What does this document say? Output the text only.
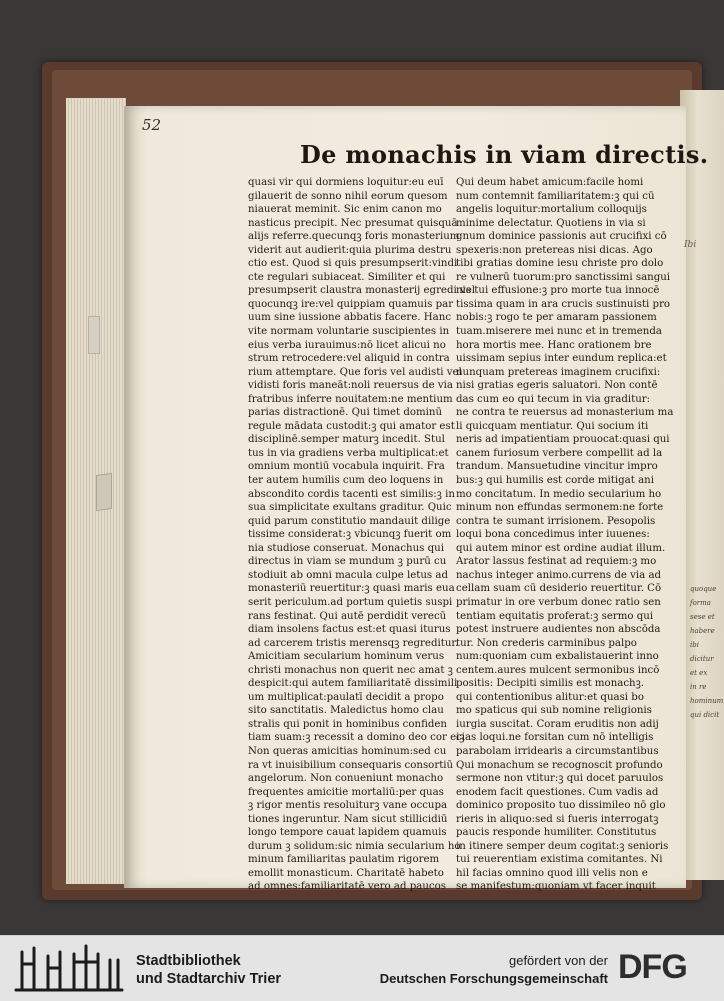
52
De monachis in viam directis.
quasi vir qui dormiens loquitur:eu euī
gilauerit de sonno nihil eorum quesom
niauerat meminit. Sic enim canon mo
nasticus precipit. Nec presumat quisquā
alijs referre.quecunqꝫ foris monasterium
viderit aut audierit:quia plurima destru
ctio est. Quod si quis presumpserit:vindi
cte regulari subiaceat. Similiter et qui
presumpserit claustra monasterij egredi vel
quocunqꝫ ire:vel quippiam quamuis par
uum sine iussione abbatis facere. Hanc
vite normam voluntarie suscipientes in
eius verba iurauimus:nō licet alicui no
strum retrocedere:vel aliquid in contra
rium attemptare. Que foris vel audisti vel
vidisti foris maneāt:noli reuersus de via
fratribus inferre nouitatem:ne mentium
parias distractionē. Qui timet dominū
regule mādata custodit:ꝫ qui amator est
disciplinē.semper maturꝫ incedit. Stul
tus in via gradiens verba multiplicat:et
omnium montiū vocabula inquirit. Fra
ter autem humilis cum deo loquens in
abscondito cordis tacenti est similis:ꝫ in
sua simplicitate exultans graditur. Quic
quid parum constitutio mandauit dilige
tissime considerat:ꝫ vbicunqꝫ fuerit om
nia studiose conseruat. Monachus qui
directus in viam se mundum ꝫ purū cu
stodiuit ab omni macula culpe letus ad
monasteriū reuertitur:ꝫ quasi maris eua
serit periculum.ad portum quietis suspi
rans festinat. Qui autē perdidit verecū
diam insolens factus est:et quasi iturus
ad carcerem tristis merensqꝫ regreditur.
Amicitiam secularium hominum verus
christi monachus non querit nec amat ꝫ
despicit:qui autem familiaritatē dissimili
um multiplicat:paulatī decidit a propo
sito sanctitatis. Maledictus homo clau
stralis qui ponit in hominibus confiden
tiam suam:ꝫ recessit a domino deo cor eiꝫ
Non queras amicitias hominum:sed cu
ra vt inuisibilium consequaris consortiū
angelorum. Non conueniunt monacho
frequentes amicitie mortaliū:per quas
ꝫ rigor mentis resoluiturꝫ vane occupa
tiones ingeruntur. Nam sicut stillicidiū
longo tempore cauat lapidem quamuis
durum ꝫ solidum:sic nimia secularium ho
minum familiaritas paulatim rigorem
emollit monasticum. Charitatē habeto
ad omnes:familiaritatē vero ad paucos
Qui deum habet amicum:facile homi
num contemnit familiaritatem:ꝫ qui cū
angelis loquitur:mortalium colloquijs
minime delectatur. Quotiens in via si
gnum dominice passionis aut crucifixi cō
spexeris:non pretereas nisi dicas. Ago
tibi gratias domine iesu christe pro dolo
re vulnerū tuorum:pro sanctissimi sangui
nis tui effusione:ꝫ pro morte tua innocē
tissima quam in ara crucis sustinuisti pro
nobis:ꝫ rogo te per amaram passionem
tuam.miserere mei nunc et in tremenda
hora mortis mee. Hanc orationem bre
uissimam sepius inter eundum replica:et
nunquam pretereas imaginem crucifixi:
nisi gratias egeris saluatori. Non contē
das cum eo qui tecum in via graditur:
ne contra te reuersus ad monasterium ma
li quicquam mentiatur. Qui socium iti
neris ad impatientiam prouocat:quasi qui
canem furiosum verbere compellit ad la
trandum. Mansuetudine vincitur impro
bus:ꝫ qui humilis est corde mitigat ani
mo concitatum. In medio secularium ho
minum non effundas sermonem:ne forte
contra te sumant irrisionem. Pesopolis
loqui bona concedimus inter iuuenes:
qui autem minor est ordine audiat illum.
Arator lassus festinat ad requiem:ꝫ mo
nachus integer animo.currens de via ad
cellam suam cū desiderio reuertitur. Cō
primatur in ore verbum donec ratio sen
tentiam equitatis proferat:ꝫ sermo qui
potest instruere audientes non abscōda
tur. Non crederis carminibus palpo
num:quoniam cum exbalistauerint inno
centem.aures mulcent sermonibus incō
positis: Decipiti similis est monachꝫ.
qui contentionibus alitur:et quasi bo
mo spaticus qui sub nomine religionis
iurgia suscitat. Coram eruditis non adij
cias loqui.ne forsitan cum nō intelligis
parabolam irridearis a circumstantibus
Qui monachum se recognoscit profundo
sermone non vtitur:ꝫ qui docet paruulos
enodem facit questiones. Cum vadis ad
dominico proposito tuo dissimileo nō glo
rieris in aliquo:sed si fueris interrogatꝫ
paucis responde humiliter. Constitutus
in itinere semper deum cogitat:ꝫ senioris
tui reuerentiam existima comitantes. Ni
hil facias omnino quod illi velis non e
se manifestum:quoniam vt facer inquit
Ibi
quoque
forma
sese et
habere
ibi
dicitur
et ex
in re
hominum
qui dicit
Stadtbibliothek
und Stadtarchiv Trier
gefördert von der
Deutschen Forschungsgemeinschaft DFG
